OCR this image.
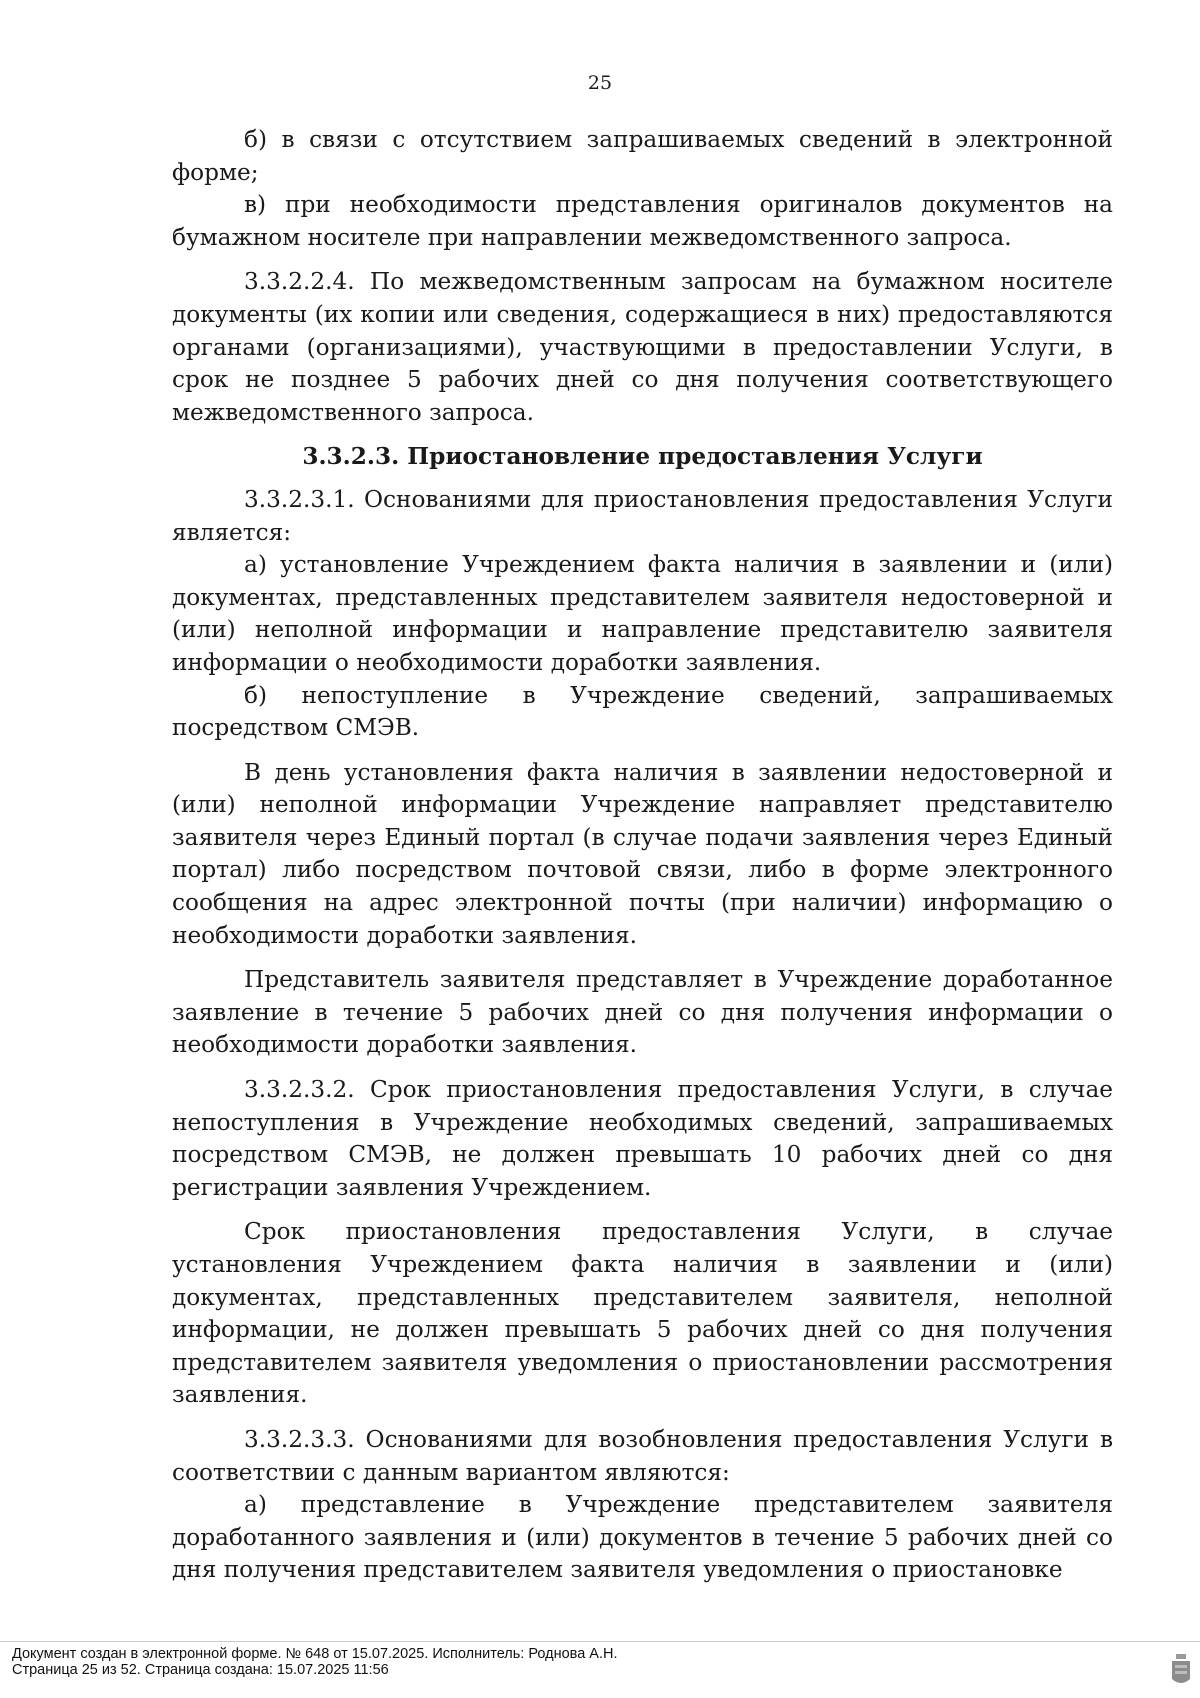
25

б) в связи с отсутствием запрашиваемых сведений в электронной форме;

в) при необходимости представления оригиналов документов на бумажном носителе при направлении межведомственного запроса.

3.3.2.2.4. По межведомственным запросам на бумажном носителе документы (их копии или сведения, содержащиеся в них) предоставляются органами (организациями), участвующими в предоставлении Услуги, в срок не позднее 5 рабочих дней со дня получения соответствующего межведомственного запроса.

3.3.2.3. Приостановление предоставления Услуги

3.3.2.3.1. Основаниями для приостановления предоставления Услуги является:

а) установление Учреждением факта наличия в заявлении и (или) документах, представленных представителем заявителя недостоверной и (или) неполной информации и направление представителю заявителя информации о необходимости доработки заявления.

б) непоступление в Учреждение сведений, запрашиваемых посредством СМЭВ.

В день установления факта наличия в заявлении недостоверной и (или) неполной информации Учреждение направляет представителю заявителя через Единый портал (в случае подачи заявления через Единый портал) либо посредством почтовой связи, либо в форме электронного сообщения на адрес электронной почты (при наличии) информацию о необходимости доработки заявления.

Представитель заявителя представляет в Учреждение доработанное заявление в течение 5 рабочих дней со дня получения информации о необходимости доработки заявления.

3.3.2.3.2. Срок приостановления предоставления Услуги, в случае непоступления в Учреждение необходимых сведений, запрашиваемых посредством СМЭВ, не должен превышать 10 рабочих дней со дня регистрации заявления Учреждением.

Срок приостановления предоставления Услуги, в случае установления Учреждением факта наличия в заявлении и (или) документах, представленных представителем заявителя, неполной информации, не должен превышать 5 рабочих дней со дня получения представителем заявителя уведомления о приостановлении рассмотрения заявления.

3.3.2.3.3. Основаниями для возобновления предоставления Услуги в соответствии с данным вариантом являются:

а) представление в Учреждение представителем заявителя доработанного заявления и (или) документов в течение 5 рабочих дней со дня получения представителем заявителя уведомления о приостановке

Документ создан в электронной форме. № 648 от 15.07.2025. Исполнитель: Роднова А.Н.
Страница 25 из 52. Страница создана: 15.07.2025 11:56
